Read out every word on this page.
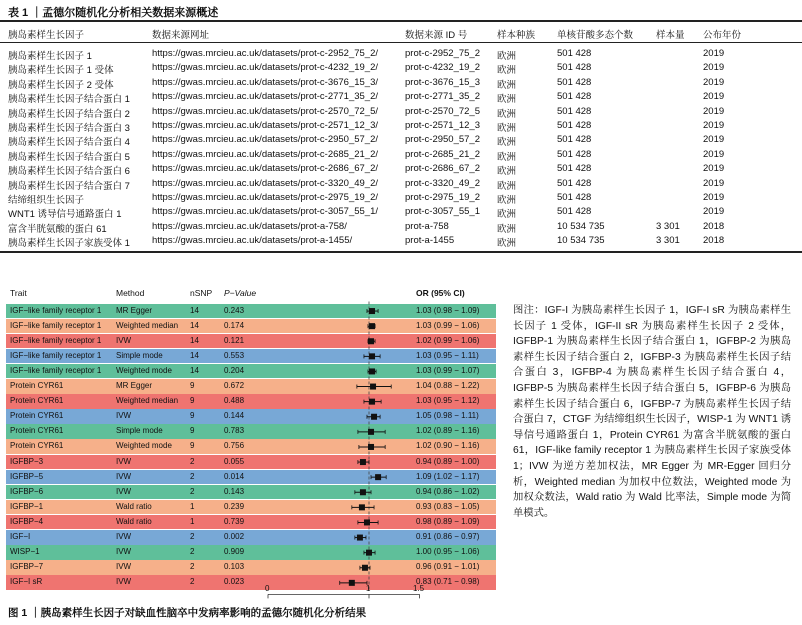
表 1 ｜孟德尔随机化分析相关数据来源概述
胰岛素样生长因子	数据来源网址	数据来源 ID 号	样本种族 单核苷酸多态个数 样本量 公布年份
胰岛素样生长因子 1	https://gwas.mrcieu.ac.uk/datasets/prot-c-2952_75_2/	prot-c-2952_75_2 欧洲	501 428	2019
胰岛素样生长因子 1 受体	https://gwas.mrcieu.ac.uk/datasets/prot-c-4232_19_2/	prot-c-4232_19_2 欧洲	501 428	2019
胰岛素样生长因子 2 受体	https://gwas.mrcieu.ac.uk/datasets/prot-c-3676_15_3/	prot-c-3676_15_3 欧洲	501 428	2019
胰岛素样生长因子结合蛋白 1 https://gwas.mrcieu.ac.uk/datasets/prot-c-2771_35_2/	prot-c-2771_35_2 欧洲	501 428	2019
胰岛素样生长因子结合蛋白 2 https://gwas.mrcieu.ac.uk/datasets/prot-c-2570_72_5/	prot-c-2570_72_5 欧洲	501 428	2019
胰岛素样生长因子结合蛋白 3 https://gwas.mrcieu.ac.uk/datasets/prot-c-2571_12_3/	prot-c-2571_12_3 欧洲	501 428	2019
胰岛素样生长因子结合蛋白 4 https://gwas.mrcieu.ac.uk/datasets/prot-c-2950_57_2/	prot-c-2950_57_2 欧洲	501 428	2019
胰岛素样生长因子结合蛋白 5 https://gwas.mrcieu.ac.uk/datasets/prot-c-2685_21_2/	prot-c-2685_21_2 欧洲	501 428	2019
胰岛素样生长因子结合蛋白 6 https://gwas.mrcieu.ac.uk/datasets/prot-c-2686_67_2/	prot-c-2686_67_2 欧洲	501 428	2019
胰岛素样生长因子结合蛋白 7 https://gwas.mrcieu.ac.uk/datasets/prot-c-3320_49_2/	prot-c-3320_49_2 欧洲	501 428	2019
结缔组织生长因子	https://gwas.mrcieu.ac.uk/datasets/prot-c-2975_19_2/	prot-c-2975_19_2 欧洲	501 428	2019
WNT1 诱导信号通路蛋白 1	https://gwas.mrcieu.ac.uk/datasets/prot-c-3057_55_1/	prot-c-3057_55_1 欧洲	501 428	2019
富含半胱氨酸的蛋白 61	https://gwas.mrcieu.ac.uk/datasets/prot-a-758/	prot-a-758	欧洲	10 534 735	3 301 2018
胰岛素样生长因子家族受体 1 https://gwas.mrcieu.ac.uk/datasets/prot-a-1455/	prot-a-1455	欧洲	10 534 735	3 301 2018
Trait	Method	nSNP P−Value	OR (95% CI)
IGF−like family receptor 1 MR Egger	14	0.243	1.03 (0.98 − 1.09)
IGF−like family receptor 1 Weighted median 14	0.174	1.03 (0.99 − 1.06)
IGF−like family receptor 1 IVW	14	0.121	1.02 (0.99 − 1.06)
IGF−like family receptor 1 Simple mode	14	0.553	1.03 (0.95 − 1.11)
IGF−like family receptor 1 Weighted mode 14	0.204	1.03 (0.99 − 1.07)
Protein CYR61	MR Egger	9	0.672	1.04 (0.88 − 1.22)
Protein CYR61	Weighted median 9	0.488	1.03 (0.95 − 1.12)
Protein CYR61	IVW	9	0.144	1.05 (0.98 − 1.11)
Protein CYR61	Simple mode	9	0.783	1.02 (0.89 − 1.16)
Protein CYR61	Weighted mode 9	0.756	1.02 (0.90 − 1.16)
IGFBP−3	IVW	2	0.055	0.94 (0.89 − 1.00)
IGFBP−5	IVW	2	0.014	1.09 (1.02 − 1.17)
IGFBP−6	IVW	2	0.143	0.94 (0.86 − 1.02)
IGFBP−1	Wald ratio	1	0.239	0.93 (0.83 − 1.05)
IGFBP−4	Wald ratio	1	0.739	0.98 (0.89 − 1.09)
IGF−I	IVW	2	0.002	0.91 (0.86 − 0.97)
WISP−1	IVW	2	0.909	1.00 (0.95 − 1.06)
IGFBP−7	IVW	2	0.103	0.96 (0.91 − 1.01)
IGF−I sR	IVW	2	0.023	0.83 (0.71 − 0.98)
0	1	1.5
图注：IGF-I 为胰岛素样生长因子 1，IGF-I sR 为胰岛素样生长因子 1 受体，IGF-II sR 为胰岛素样生长因子 2 受体，IGFBP-1 为胰岛素样生长因子结合蛋白 1，IGFBP-2 为胰岛素样生长因子结合蛋白 2，IGFBP-3 为胰岛素样生长因子结合蛋白 3，IGFBP-4 为胰岛素样生长因子结合蛋白 4，IGFBP-5 为胰岛素样生长因子结合蛋白 5，IGFBP-6 为胰岛素样生长因子结合蛋白 6，IGFBP-7 为胰岛素样生长因子结合蛋白 7，CTGF 为结缔组织生长因子，WISP-1 为 WNT1 诱导信号通路蛋白 1，Protein CYR61 为富含半胱氨酸的蛋白 61，IGF-like family receptor 1 为胰岛素样生长因子家族受体 1；IVW 为逆方差加权法，MR Egger 为 MR-Egger 回归分析，Weighted median 为加权中位数法，Weighted mode 为加权众数法，Wald ratio 为 Wald 比率法，Simple mode 为简单模式。
图 1 ｜胰岛素样生长因子对缺血性脑卒中发病率影响的孟德尔随机化分析结果
